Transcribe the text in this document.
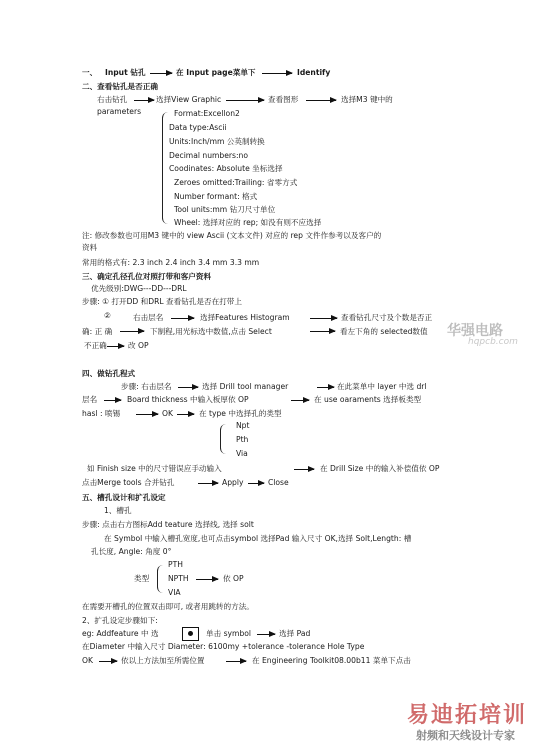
一、 Input 钻孔	在 Input page菜单下	Identify
二、查看钻孔是否正确
右击钻孔	选择View Graphic	查看图形	选择M3 键中的
parameters	Format:Excellon2
Data type:Ascii
Units:Inch/mm 公英制转换
Decimal numbers:no
Coodinates: Absolute 坐标选择
Zeroes omitted:Trailing: 省零方式
Number formant: 格式
Tool units:mm 钻刀尺寸单位
Wheel: 选择对应的 rep; 如没有则不应选择
注: 修改参数也可用M3 键中的 view Ascii (文本文件) 对应的 rep 文件作参考以及客户的
资料
常用的格式有: 2.3 inch 2.4 inch 3.4 mm 3.3 mm
三、确定孔径孔位对照打带和客户资料
优先级别:DWG---DD---DRL
步骤: ① 打开DD 和DRL 查看钻孔是否在打带上
②	右击层名	选择Features Histogram	查看钻孔尺寸及个数是否正
确: 正 确	下制程,用光标选中数值,点击 Select	看左下角的 selected数值
不正确	改 OP
华强电路
hqpcb.com
四、做钻孔程式
步骤: 右击层名	选择 Drill tool manager	在此菜单中 layer 中选 drl
层名	Board thickness 中输入板厚依 OP	在 use oaraments 选择板类型
hasl : 喷锡	OK	在 type 中选择孔的类型
Npt
Pth
Via
如 Finish size 中的尺寸错误应手动输入	在 Drill Size 中的输入补偿值依 OP
点击Merge tools 合并钻孔	Apply	Close
五、槽孔设计和扩孔设定
1、槽孔
步骤: 点击右方图标Add teature 选择线, 选择 solt
在 Symbol 中输入槽孔宽度,也可点击symbol 选择Pad 输入尺寸 OK,选择 Solt,Length: 槽
孔长度, Angle: 角度 0°
类型
PTH
NPTH
VIA
依 OP
在需要开槽孔的位置双击即可, 或者用跳转的方法。
2、扩孔设定步骤如下:
eg: Addfeature 中 选	单击 symbol	选择 Pad
在Diameter 中输入尺寸 Diameter: 6100my +tolerance -tolerance Hole Type
OK	依以上方法加至所需位置	在 Engineering Toolkit08.00b11 菜单下点击
易迪拓培训
射频和天线设计专家
